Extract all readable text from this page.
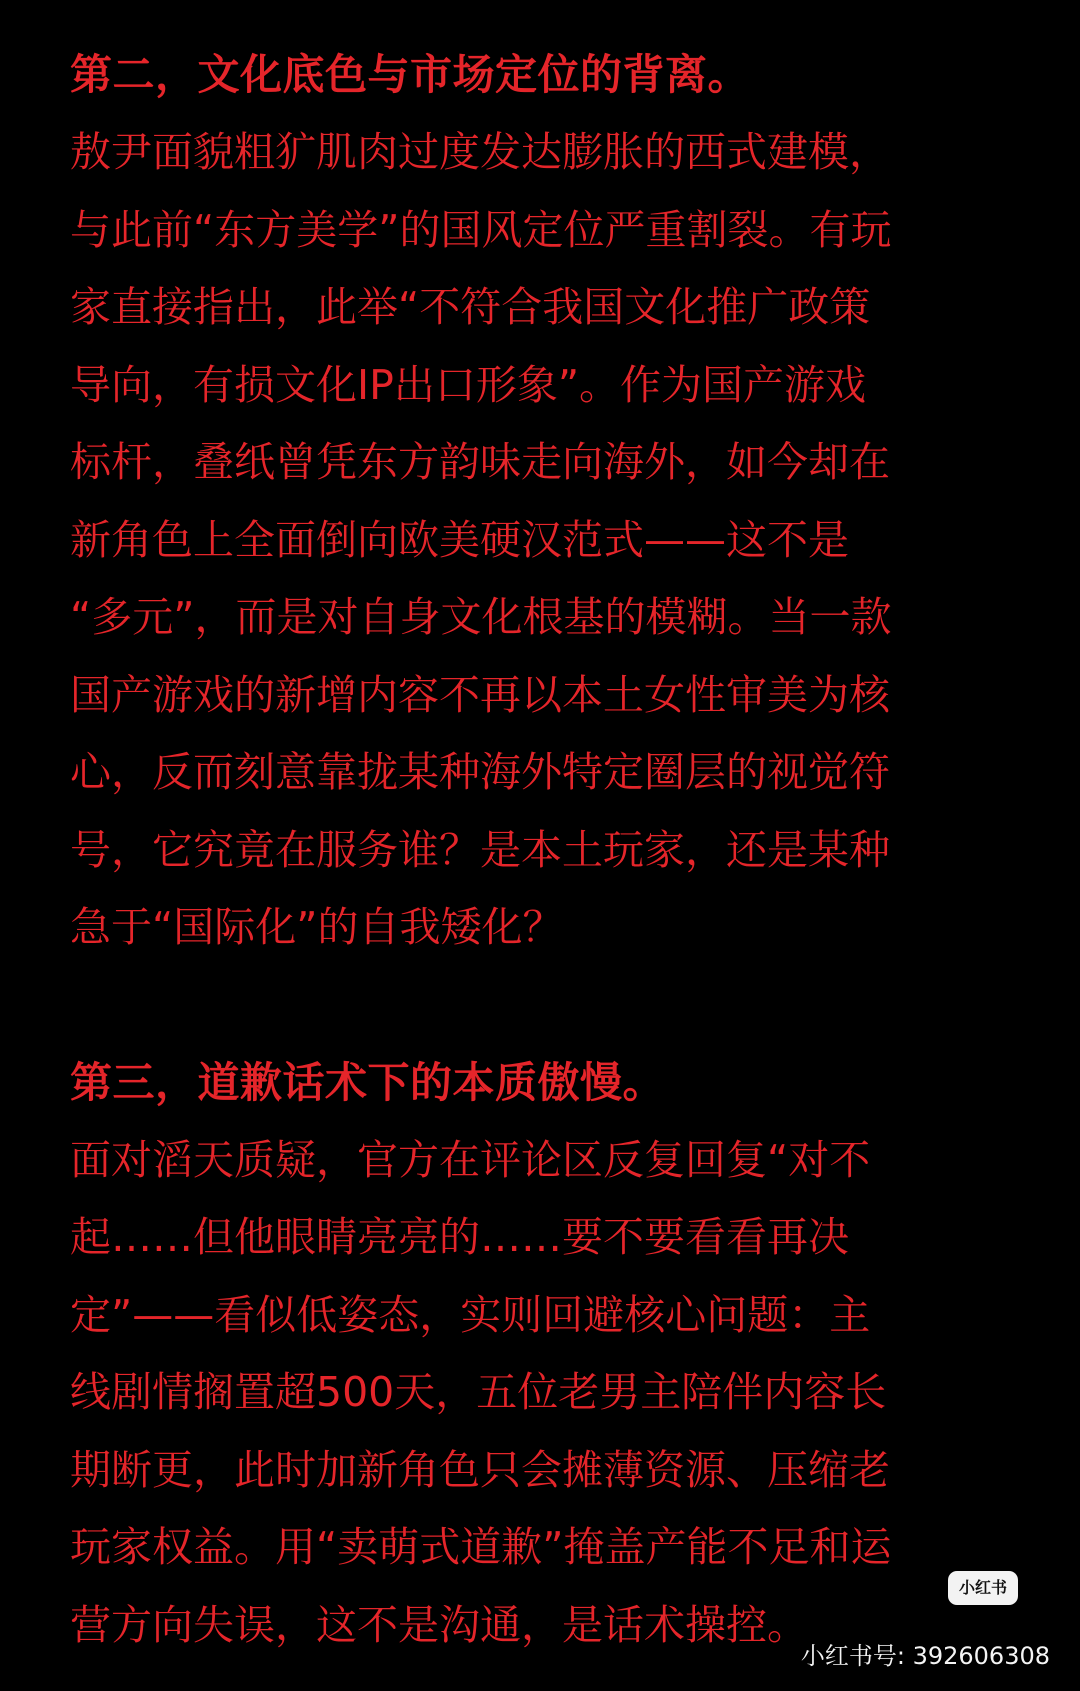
第二，文化底色与市场定位的背离。

敖尹面貌粗犷肌肉过度发达膨胀的西式建模，
与此前“东方美学”的国风定位严重割裂。有玩
家直接指出，此举“不符合我国文化推广政策
导向，有损文化IP出口形象”。作为国产游戏
标杆，叠纸曾凭东方韵味走向海外，如今却在
新角色上全面倒向欧美硬汉范式——这不是
“多元”，而是对自身文化根基的模糊。当一款
国产游戏的新增内容不再以本土女性审美为核
心，反而刻意靠拢某种海外特定圈层的视觉符
号，它究竟在服务谁？是本土玩家，还是某种
急于“国际化”的自我矮化？

第三，道歉话术下的本质傲慢。

面对滔天质疑，官方在评论区反复回复“对不
起……但他眼睛亮亮的……要不要看看再决
定”——看似低姿态，实则回避核心问题：主
线剧情搁置超500天，五位老男主陪伴内容长
期断更，此时加新角色只会摊薄资源、压缩老
玩家权益。用“卖萌式道歉”掩盖产能不足和运
营方向失误，这不是沟通，是话术操控。

小红书
小红书号: 392606308
